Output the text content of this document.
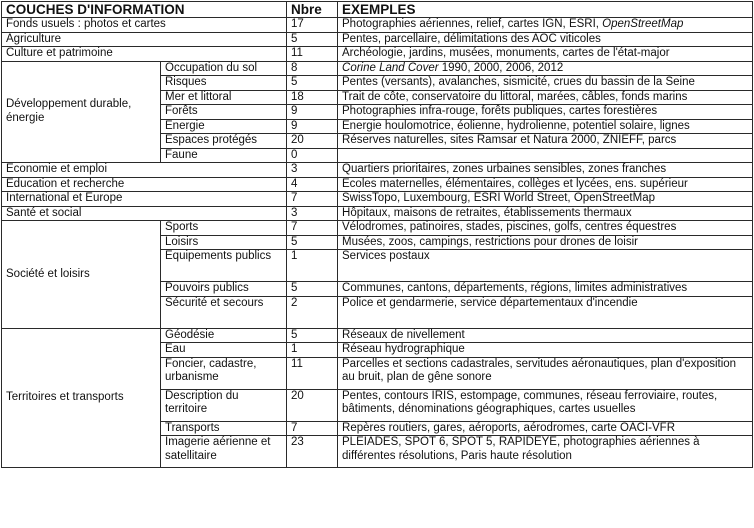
COUCHES D'INFORMATION		Nbre	EXEMPLES
Fonds usuels : photos et cartes		17	Photographies aériennes, relief, cartes IGN, ESRI, OpenStreetMap
Agriculture		5	Pentes, parcellaire, délimitations des AOC viticoles
Culture et patrimoine		11	Archéologie, jardins, musées, monuments, cartes de l'état-major
Développement durable, énergie	Occupation du sol	8	Corine Land Cover 1990, 2000, 2006, 2012
	Risques	5	Pentes (versants), avalanches, sismicité, crues du bassin de la Seine
	Mer et littoral	18	Trait de côte, conservatoire du littoral, marées, câbles, fonds marins
	Forêts	9	Photographies infra-rouge, forêts publiques, cartes forestières
	Énergie	9	Énergie houlomotrice, éolienne, hydrolienne, potentiel solaire, lignes
	Espaces protégés	20	Réserves naturelles, sites Ramsar et Natura 2000, ZNIEFF, parcs
	Faune	0	
Économie et emploi		3	Quartiers prioritaires, zones urbaines sensibles, zones franches
Éducation et recherche		4	Écoles maternelles, élémentaires, collèges et lycées, ens. supérieur
International et Europe		7	SwissTopo, Luxembourg, ESRI World Street, OpenStreetMap
Santé et social		3	Hôpitaux, maisons de retraites, établissements thermaux
Société et loisirs	Sports	7	Vélodromes, patinoires, stades, piscines, golfs, centres équestres
	Loisirs	5	Musées, zoos, campings, restrictions pour drones de loisir
	Équipements publics	1	Services postaux
	Pouvoirs publics	5	Communes, cantons, départements, régions, limites administratives
	Sécurité et secours	2	Police et gendarmerie, service départementaux d'incendie
Territoires et transports	Géodésie	5	Réseaux de nivellement
	Eau	1	Réseau hydrographique
	Foncier, cadastre, urbanisme	11	Parcelles et sections cadastrales, servitudes aéronautiques, plan d'exposition au bruit, plan de gêne sonore
	Description du territoire	20	Pentes, contours IRIS, estompage, communes, réseau ferroviaire, routes, bâtiments, dénominations géographiques, cartes usuelles
	Transports	7	Repères routiers, gares, aéroports, aérodromes, carte OACI-VFR
	Imagerie aérienne et satellitaire	23	PLEIADES, SPOT 6, SPOT 5, RAPIDEYE, photographies aériennes à différentes résolutions, Paris haute résolution
